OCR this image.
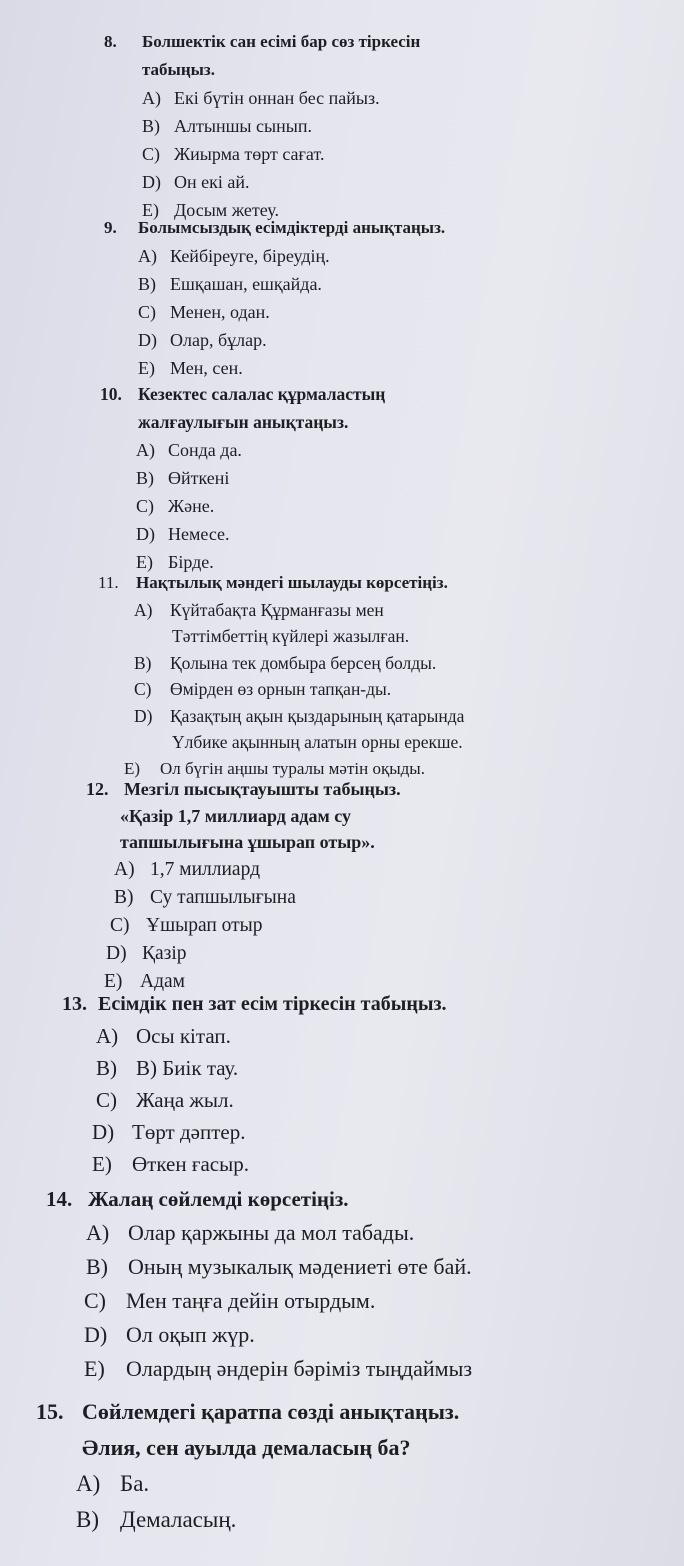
8. Болшектік сан есімі бар сөз тіркесін
табыңыз.
A) Екі бүтін оннан бес пайыз.
B) Алтыншы сынып.
C) Жиырма төрт сағат.
D) Он екі ай.
E) Досым жетеу.
9. Болымсыздық есімдіктерді анықтаңыз.
A) Кейбіреуге, біреудің.
B) Ешқашан, ешқайда.
C) Менен, одан.
D) Олар, бұлар.
E) Мен, сен.
10. Кезектес салалас құрмаластың
жалғаулығын анықтаңыз.
A) Сонда да.
B) Өйткені
C) Және.
D) Немесе.
E) Бірде.
11. Нақтылық мәндегі шылауды көрсетіңіз.
A) Күйтабақта Құрманғазы мен
Тәттімбеттің күйлері жазылған.
B) Қолына тек домбыра берсең болды.
C) Өмірден өз орнын тапқан-ды.
D) Қазақтың ақын қыздарының қатарында
Үлбике ақынның алатын орны ерекше.
E) Ол бүгін аңшы туралы мәтін оқыды.
12. Мезгіл пысықтауышты табыңыз.
«Қазір 1,7 миллиард адам су
тапшылығына ұшырап отыр».
A) 1,7 миллиард
B) Су тапшылығына
C) Ұшырап отыр
D) Қазір
E) Адам
13. Есімдік пен зат есім тіркесін табыңыз.
A) Осы кітап.
B) B) Биік тау.
C) Жаңа жыл.
D) Төрт дәптер.
E) Өткен ғасыр.
14. Жалаң сөйлемді көрсетіңіз.
A) Олар қаржыны да мол табады.
B) Оның музыкалық мәдениеті өте бай.
C) Мен таңға дейін отырдым.
D) Ол оқып жүр.
E) Олардың әндерін бәріміз тыңдаймыз
15. Сөйлемдегі қаратпа сөзді анықтаңыз.
Әлия, сен ауылда демаласың ба?
A) Ба.
B) Демаласың.
